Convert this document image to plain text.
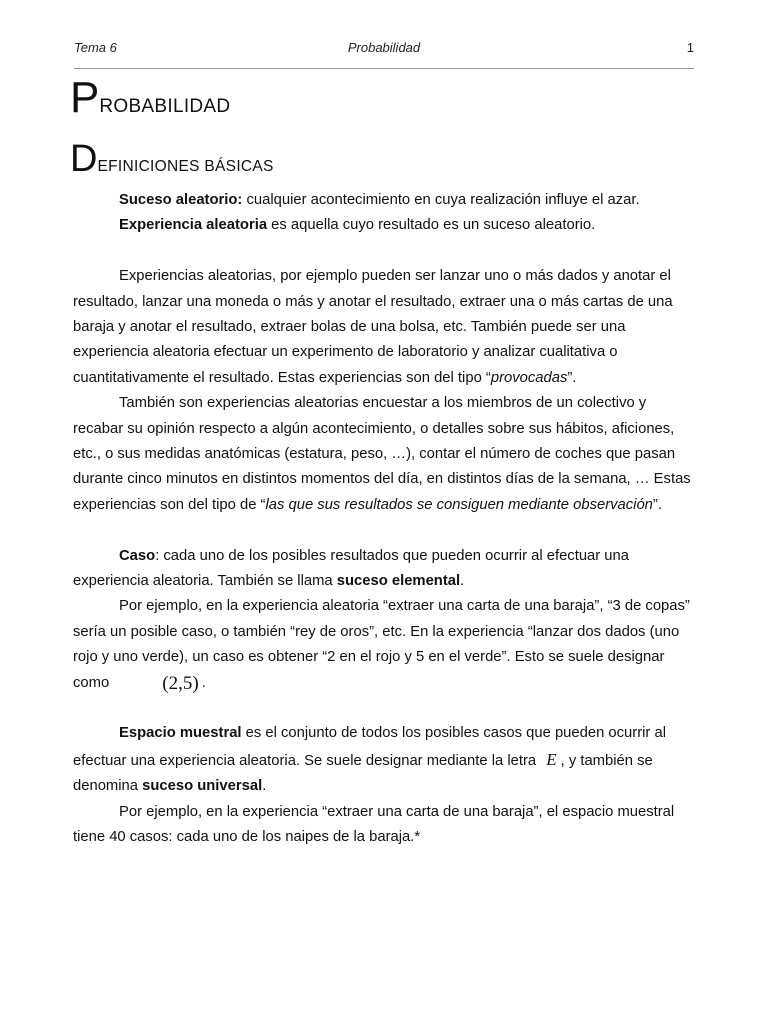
Tema 6	Probabilidad	1
PROBABILIDAD
DEFINICIONES BÁSICAS

Suceso aleatorio: cualquier acontecimiento en cuya realización influye el azar.

Experiencia aleatoria es aquella cuyo resultado es un suceso aleatorio.

Experiencias aleatorias, por ejemplo pueden ser lanzar uno o más dados y anotar el resultado, lanzar una moneda o más y anotar el resultado, extraer una o más cartas de una baraja y anotar el resultado, extraer bolas de una bolsa, etc. También puede ser una experiencia aleatoria efectuar un experimento de laboratorio y analizar cualitativa o cuantitativamente el resultado. Estas experiencias son del tipo “provocadas”.

También son experiencias aleatorias encuestar a los miembros de un colectivo y recabar su opinión respecto a algún acontecimiento, o detalles sobre sus hábitos, aficiones, etc., o sus medidas anatómicas (estatura, peso, …), contar el número de coches que pasan durante cinco minutos en distintos momentos del día, en distintos días de la semana, … Estas experiencias son del tipo de “las que sus resultados se consiguen mediante observación”.

Caso: cada uno de los posibles resultados que pueden ocurrir al efectuar una experiencia aleatoria. También se llama suceso elemental.

Por ejemplo, en la experiencia aleatoria “extraer una carta de una baraja”, “3 de copas” sería un posible caso, o también “rey de oros”, etc. En la experiencia “lanzar dos dados (uno rojo y uno verde), un caso es obtener “2 en el rojo y 5 en el verde”. Esto se suele designar como	(2,5) .

Espacio muestral es el conjunto de todos los posibles casos que pueden ocurrir al efectuar una experiencia aleatoria. Se suele designar mediante la letra E , y también se denomina suceso universal.

Por ejemplo, en la experiencia “extraer una carta de una baraja”, el espacio muestral tiene 40 casos: cada uno de los naipes de la baraja.*
